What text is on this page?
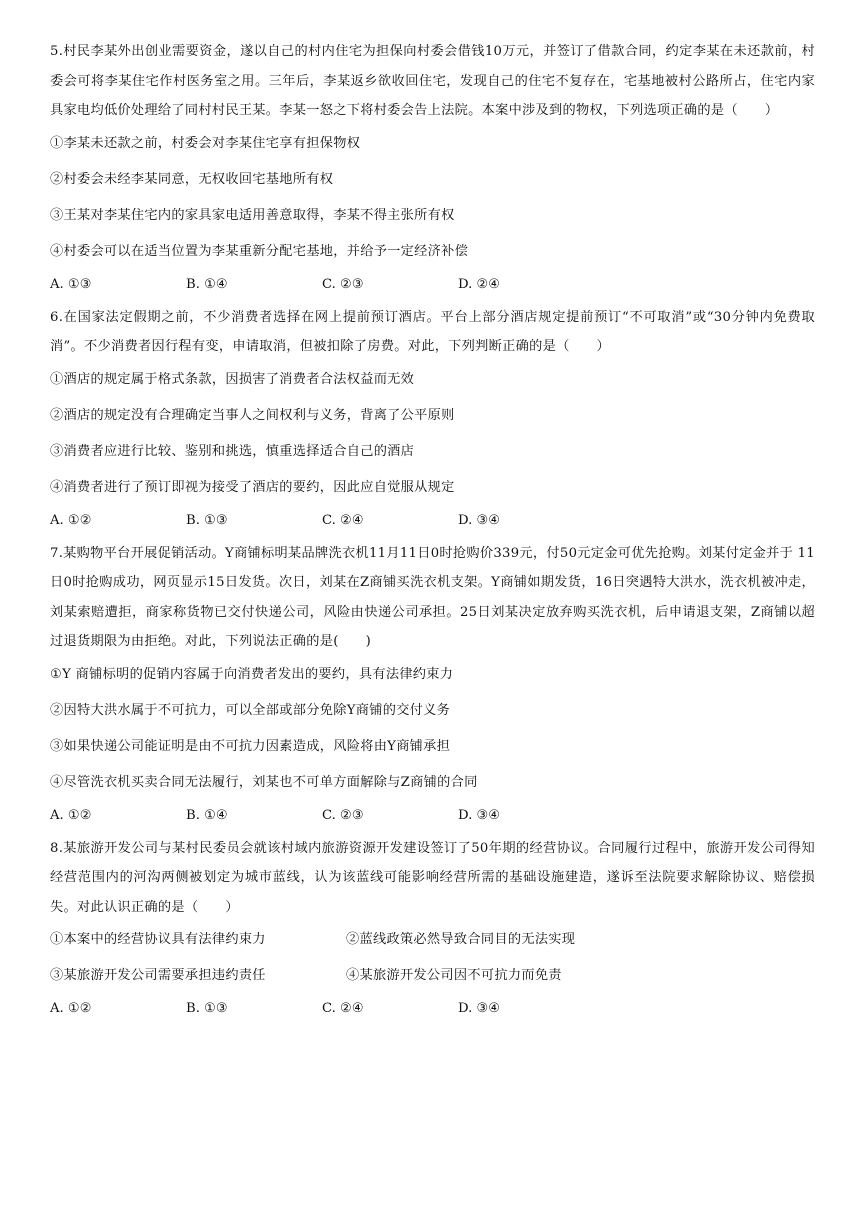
5.村民李某外出创业需要资金，遂以自己的村内住宅为担保向村委会借钱10万元，并签订了借款合同，约定李某在未还款前，村委会可将李某住宅作村医务室之用。三年后，李某返乡欲收回住宅，发现自己的住宅不复存在，宅基地被村公路所占，住宅内家具家电均低价处理给了同村村民王某。李某一怒之下将村委会告上法院。本案中涉及到的物权，下列选项正确的是（　　）

①李某未还款之前，村委会对李某住宅享有担保物权

②村委会未经李某同意，无权收回宅基地所有权

③王某对李某住宅内的家具家电适用善意取得，李某不得主张所有权

④村委会可以在适当位置为李某重新分配宅基地，并给予一定经济补偿

A. ①③	B. ①④	C. ②③	D. ②④

6.在国家法定假期之前，不少消费者选择在网上提前预订酒店。平台上部分酒店规定提前预订“不可取消”或“30分钟内免费取消”。不少消费者因行程有变，申请取消，但被扣除了房费。对此，下列判断正确的是（　　）

①酒店的规定属于格式条款，因损害了消费者合法权益而无效

②酒店的规定没有合理确定当事人之间权利与义务，背离了公平原则

③消费者应进行比较、鉴别和挑选，慎重选择适合自己的酒店

④消费者进行了预订即视为接受了酒店的要约，因此应自觉服从规定

A. ①②	B. ①③	C. ②④	D. ③④

7.某购物平台开展促销活动。Y商铺标明某品牌洗衣机11月11日0时抢购价339元，付50元定金可优先抢购。刘某付定金并于 11日0时抢购成功，网页显示15日发货。次日，刘某在Z商铺买洗衣机支架。Y商铺如期发货，16日突遇特大洪水，洗衣机被冲走，刘某索赔遭拒，商家称货物已交付快递公司，风险由快递公司承担。25日刘某决定放弃购买洗衣机，后申请退支架，Z商铺以超过退货期限为由拒绝。对此，下列说法正确的是(　　)

①Y 商铺标明的促销内容属于向消费者发出的要约，具有法律约束力

②因特大洪水属于不可抗力，可以全部或部分免除Y商铺的交付义务

③如果快递公司能证明是由不可抗力因素造成，风险将由Y商铺承担

④尽管洗衣机买卖合同无法履行，刘某也不可单方面解除与Z商铺的合同

A. ①②	B. ①④	C. ②③	D. ③④

8.某旅游开发公司与某村民委员会就该村域内旅游资源开发建设签订了50年期的经营协议。合同履行过程中，旅游开发公司得知经营范围内的河沟两侧被划定为城市蓝线，认为该蓝线可能影响经营所需的基础设施建造，遂诉至法院要求解除协议、赔偿损失。对此认识正确的是（　　）

①本案中的经营协议具有法律约束力	②蓝线政策必然导致合同目的无法实现
③某旅游开发公司需要承担违约责任	④某旅游开发公司因不可抗力而免责
A. ①②	B. ①③	C. ②④	D. ③④
